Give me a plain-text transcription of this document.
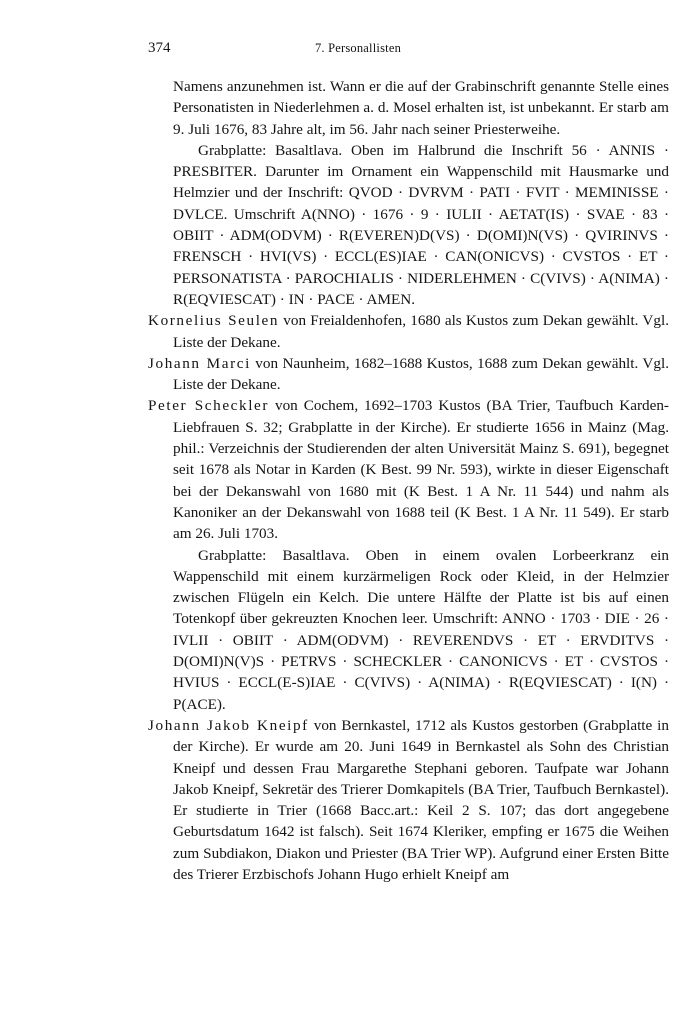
374	7. Personallisten

Namens anzunehmen ist. Wann er die auf der Grabinschrift genannte Stelle eines Personatisten in Niederlehmen a. d. Mosel erhalten ist, ist unbekannt. Er starb am 9. Juli 1676, 83 Jahre alt, im 56. Jahr nach seiner Priesterweihe.

Grabplatte: Basaltlava. Oben im Halbrund die Inschrift 56 · ANNIS · PRESBITER. Darunter im Ornament ein Wappenschild mit Hausmarke und Helmzier und der Inschrift: QVOD · DVRVM · PATI · FVIT · MEMINISSE · DVLCE. Umschrift A(NNO) · 1676 · 9 · IULII · AETAT(IS) · SVAE · 83 · OBIIT · ADM(ODVM) · R(EVEREN)D(VS) · D(OMI)N(VS) · QVIRINVS · FRENSCH · HVI(VS) · ECCL(ES)IAE · CAN(ONICVS) · CVSTOS · ET · PERSONATISTA · PAROCHIALIS · NIDERLEHMEN · C(VIVS) · A(NIMA) · R(EQVIESCAT) · IN · PACE · AMEN.

Kornelius Seulen von Freialdenhofen, 1680 als Kustos zum Dekan gewählt. Vgl. Liste der Dekane.

Johann Marci von Naunheim, 1682–1688 Kustos, 1688 zum Dekan gewählt. Vgl. Liste der Dekane.

Peter Scheckler von Cochem, 1692–1703 Kustos (BA Trier, Taufbuch Karden-Liebfrauen S. 32; Grabplatte in der Kirche). Er studierte 1656 in Mainz (Mag. phil.: Verzeichnis der Studierenden der alten Universität Mainz S. 691), begegnet seit 1678 als Notar in Karden (K Best. 99 Nr. 593), wirkte in dieser Eigenschaft bei der Dekanswahl von 1680 mit (K Best. 1 A Nr. 11 544) und nahm als Kanoniker an der Dekanswahl von 1688 teil (K Best. 1 A Nr. 11 549). Er starb am 26. Juli 1703.

Grabplatte: Basaltlava. Oben in einem ovalen Lorbeerkranz ein Wappenschild mit einem kurzärmeligen Rock oder Kleid, in der Helmzier zwischen Flügeln ein Kelch. Die untere Hälfte der Platte ist bis auf einen Totenkopf über gekreuzten Knochen leer. Umschrift: ANNO · 1703 · DIE · 26 · IVLII · OBIIT · ADM(ODVM) · REVERENDVS · ET · ERVDITVS · D(OMI)N(V)S · PETRVS · SCHECKLER · CANONICVS · ET · CVSTOS · HVIUS · ECCL(E-S)IAE · C(VIVS) · A(NIMA) · R(EQVIESCAT) · I(N) · P(ACE).

Johann Jakob Kneipf von Bernkastel, 1712 als Kustos gestorben (Grabplatte in der Kirche). Er wurde am 20. Juni 1649 in Bernkastel als Sohn des Christian Kneipf und dessen Frau Margarethe Stephani geboren. Taufpate war Johann Jakob Kneipf, Sekretär des Trierer Domkapitels (BA Trier, Taufbuch Bernkastel). Er studierte in Trier (1668 Bacc.art.: Keil 2 S. 107; das dort angegebene Geburtsdatum 1642 ist falsch). Seit 1674 Kleriker, empfing er 1675 die Weihen zum Subdiakon, Diakon und Priester (BA Trier WP). Aufgrund einer Ersten Bitte des Trierer Erzbischofs Johann Hugo erhielt Kneipf am
